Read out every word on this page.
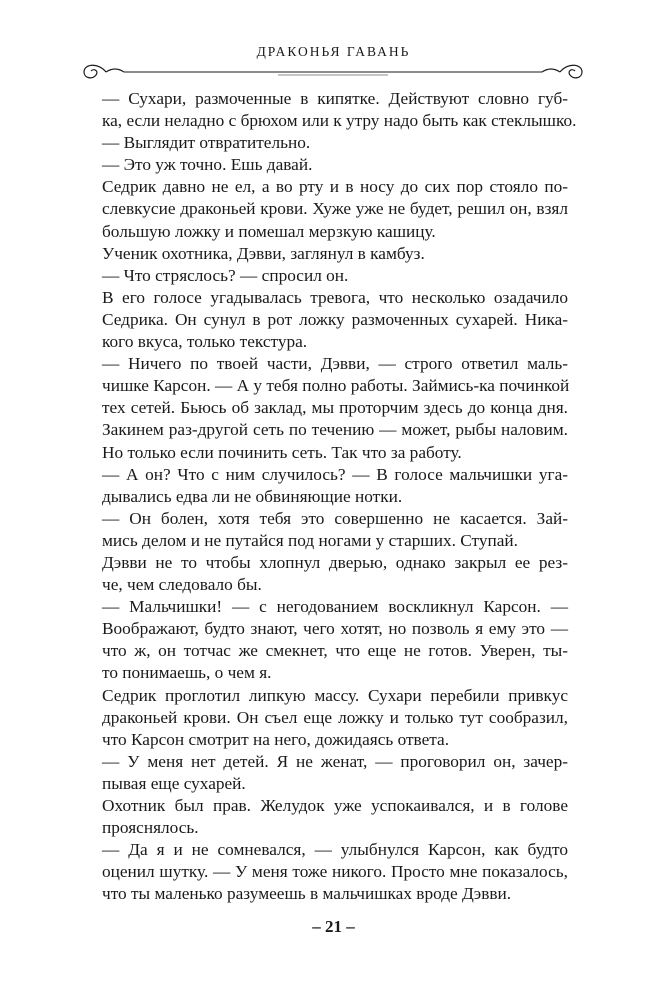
ДРАКОНЬЯ ГАВАНЬ
— Сухари, размоченные в кипятке. Действуют словно губ-
ка, если неладно с брюхом или к утру надо быть как стеклышко.
— Выглядит отвратительно.
— Это уж точно. Ешь давай.
Седрик давно не ел, а во рту и в носу до сих пор стояло по-
слевкусие драконьей крови. Хуже уже не будет, решил он, взял
большую ложку и помешал мерзкую кашицу.
Ученик охотника, Дэвви, заглянул в камбуз.
— Что стряслось? — спросил он.
В его голосе угадывалась тревога, что несколько озадачило
Седрика. Он сунул в рот ложку размоченных сухарей. Ника-
кого вкуса, только текстура.
— Ничего по твоей части, Дэвви, — строго ответил маль-
чишке Карсон. — А у тебя полно работы. Займись-ка починкой
тех сетей. Бьюсь об заклад, мы проторчим здесь до конца дня.
Закинем раз-другой сеть по течению — может, рыбы наловим.
Но только если починить сеть. Так что за работу.
— А он? Что с ним случилось? — В голосе мальчишки уга-
дывались едва ли не обвиняющие нотки.
— Он болен, хотя тебя это совершенно не касается. Зай-
мись делом и не путайся под ногами у старших. Ступай.
Дэвви не то чтобы хлопнул дверью, однако закрыл ее рез-
че, чем следовало бы.
— Мальчишки! — с негодованием воскликнул Карсон. —
Воображают, будто знают, чего хотят, но позволь я ему это —
что ж, он тотчас же смекнет, что еще не готов. Уверен, ты-
то понимаешь, о чем я.
Седрик проглотил липкую массу. Сухари перебили привкус
драконьей крови. Он съел еще ложку и только тут сообразил,
что Карсон смотрит на него, дожидаясь ответа.
— У меня нет детей. Я не женат, — проговорил он, зачер-
пывая еще сухарей.
Охотник был прав. Желудок уже успокаивался, и в голове
прояснялось.
— Да я и не сомневался, — улыбнулся Карсон, как будто
оценил шутку. — У меня тоже никого. Просто мне показалось,
что ты маленько разумеешь в мальчишках вроде Дэвви.
– 21 –
